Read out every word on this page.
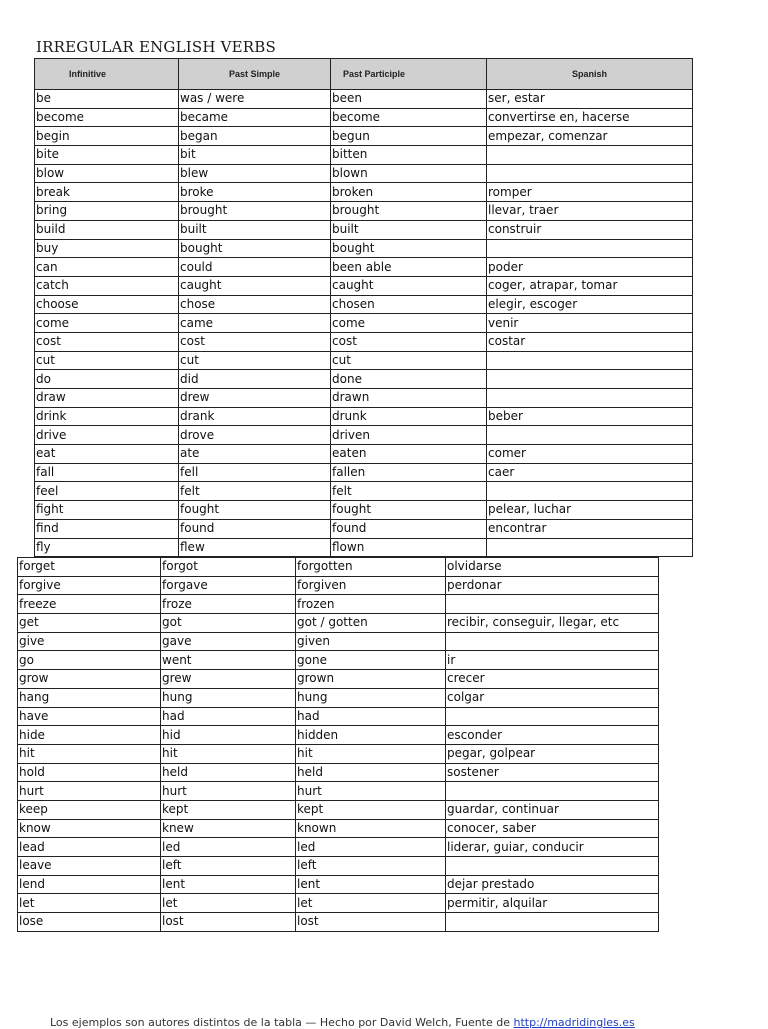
IRREGULAR ENGLISH VERBS
Infinitive	Past Simple	Past Participle	Spanish
be	was / were	been	ser, estar
become	became	become	convertirse en, hacerse
begin	began	begun	empezar, comenzar
bite	bit	bitten	
blow	blew	blown	
break	broke	broken	romper
bring	brought	brought	llevar, traer
build	built	built	construir
buy	bought	bought	
can	could	been able	poder
catch	caught	caught	coger, atrapar, tomar
choose	chose	chosen	elegir, escoger
come	came	come	venir
cost	cost	cost	costar
cut	cut	cut	
do	did	done	
draw	drew	drawn	
drink	drank	drunk	beber
drive	drove	driven	
eat	ate	eaten	comer
fall	fell	fallen	caer
feel	felt	felt	
fight	fought	fought	pelear, luchar
find	found	found	encontrar
fly	flew	flown	
forget	forgot	forgotten	olvidarse
forgive	forgave	forgiven	perdonar
freeze	froze	frozen	
get	got	got / gotten	recibir, conseguir, llegar, etc
give	gave	given	
go	went	gone	ir
grow	grew	grown	crecer
hang	hung	hung	colgar
have	had	had	
hide	hid	hidden	esconder
hit	hit	hit	pegar, golpear
hold	held	held	sostener
hurt	hurt	hurt	
keep	kept	kept	guardar, continuar
know	knew	known	conocer, saber
lead	led	led	liderar, guiar, conducir
leave	left	left	
lend	lent	lent	dejar prestado
let	let	let	permitir, alquilar
lose	lost	lost	
Los ejemplos son autores distintos de la tabla — Hecho por David Welch, Fuente de http://madridingles.es
